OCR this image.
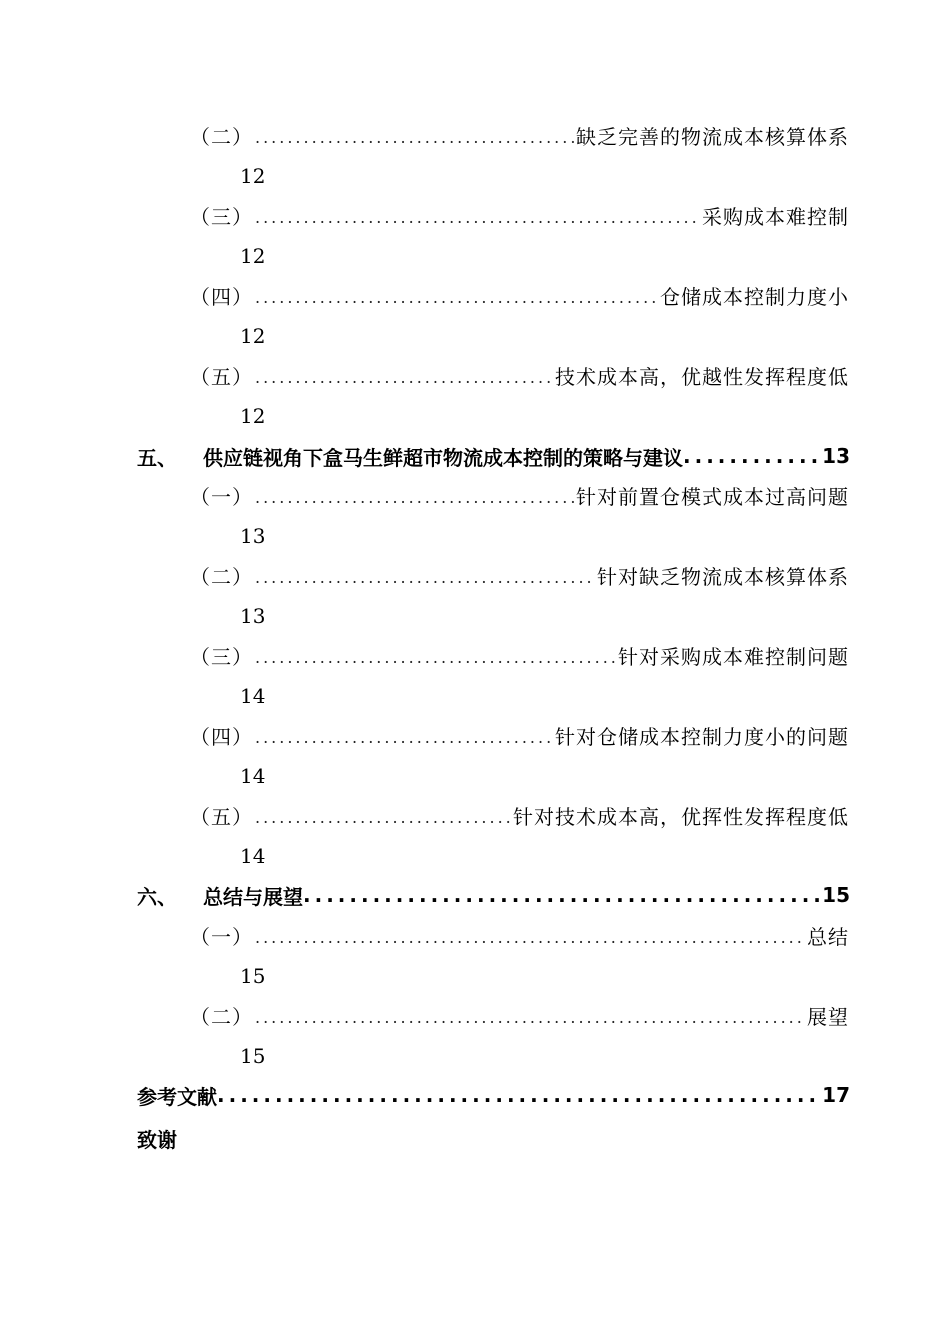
（二） .....	缺乏完善的物流成本核算体系
12
（三） .....	采购成本难控制
12
（四） .....	仓储成本控制力度小
12
（五） .....	技术成本高，优越性发挥程度低
12
五、	供应链视角下盒马生鲜超市物流成本控制的策略与建议 .....	13
（一） .....	针对前置仓模式成本过高问题
13
（二） .....	针对缺乏物流成本核算体系
13
（三） .....	针对采购成本难控制问题
14
（四） .....	针对仓储成本控制力度小的问题
14
（五） .....	针对技术成本高，优挥性发挥程度低
14
六、	总结与展望 .....	15
（一） .....	总结
15
（二） .....	展望
15
参考文献 .....	17
致谢
